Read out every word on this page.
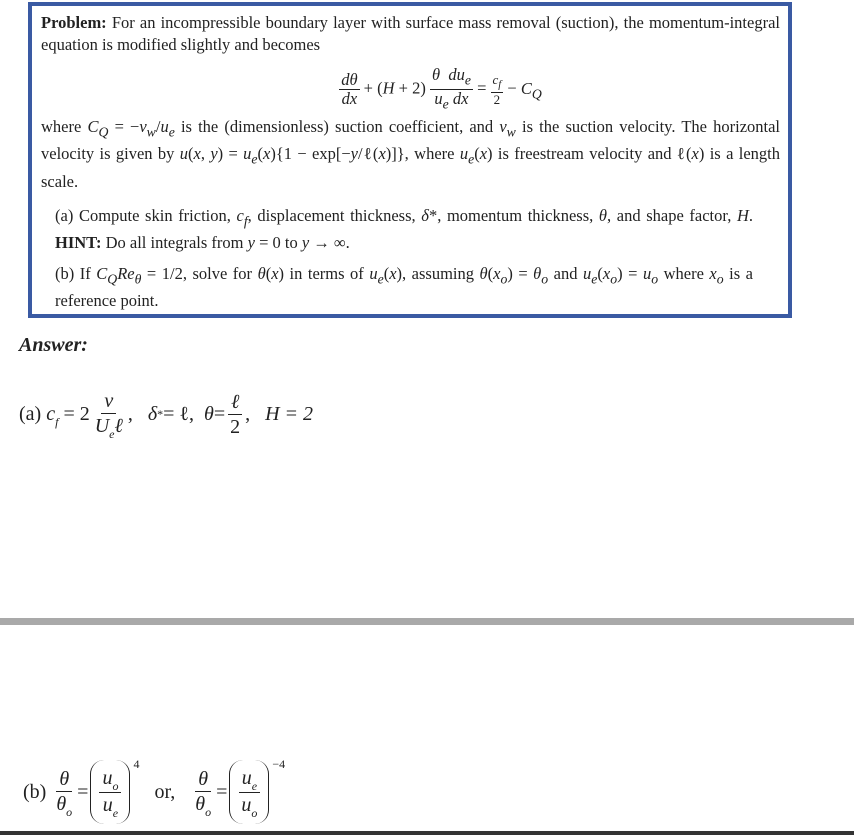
Problem: For an incompressible boundary layer with surface mass removal (suction), the momentum-integral equation is modified slightly and becomes

$\frac{d\theta}{dx} + (H + 2) \frac{\theta du_e}{u_e dx} = \frac{c_f}{2} - C_Q$

where $C_Q = -v_w/u_e$ is the (dimensionless) suction coefficient, and $v_w$ is the suction velocity. The horizontal velocity is given by u(x, $y) = u_e(x)\{1$ − exp[−y/ℓ(x)]}, where $u_e(x)$ is freestream velocity and ℓ(x) is a length scale.

(a) Compute skin friction, $c_f$, displacement thickness, δ*, momentum thickness, θ, and shape factor, H. HINT: Do all integrals from y = 0 to y → ∞.
(b) If $C_QRe_\theta = 1/2$, solve for θ(x) in terms of $u_e(x)$, assuming $\theta(x_o) = \theta_o$ and $u_e(x_o) = u_o$ where $x_o$ is a reference point.
Answer:
(a)
$c_f = 2 \frac{\nu}{U_e\ell}$ , δ * = ℓ, $\theta = \frac{\text{ℓ}}{2}$ , H = 2
(b)
$\frac{\theta}{\theta_o} = \frac{u_o}{u_e}$
4

or,
$\frac{\theta}{\theta_o} = \frac{u_e}{u_o}$
−4
